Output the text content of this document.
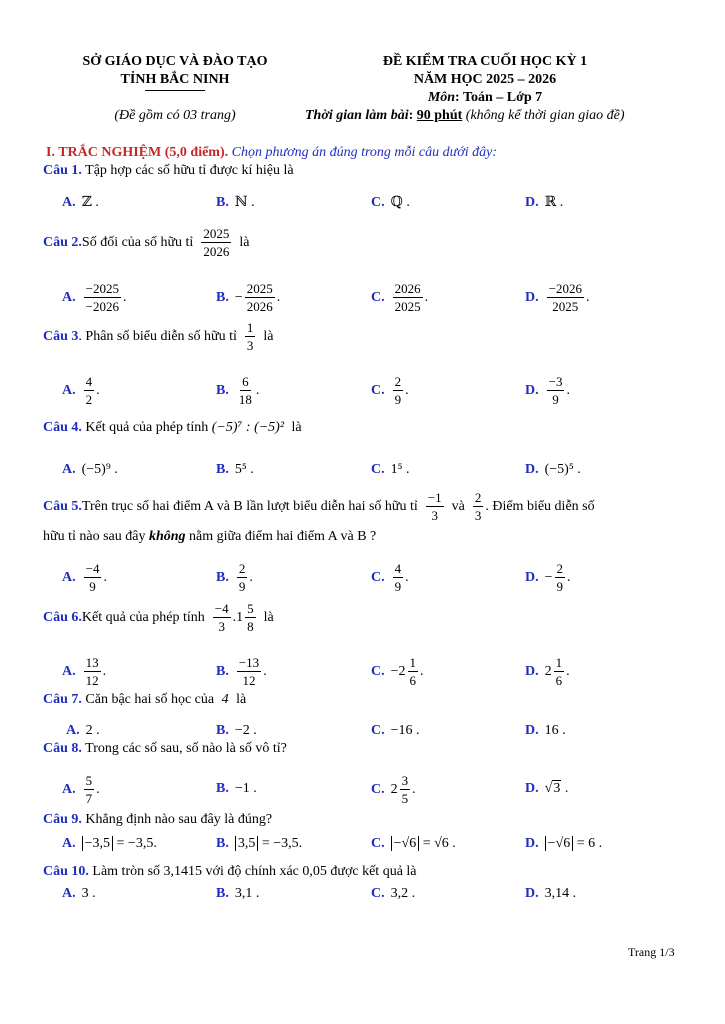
SỞ GIÁO DỤC VÀ ĐÀO TẠO
TỈNH BẮC NINH
(Đề gồm có 03 trang)
ĐỀ KIỂM TRA CUỐI HỌC KỲ 1
NĂM HỌC 2025 – 2026
Môn: Toán – Lớp 7
Thời gian làm bài: 90 phút (không kể thời gian giao đề)
I. TRẮC NGHIỆM (5,0 điểm). Chọn phương án đúng trong mỗi câu dưới đây:
Câu 1. Tập hợp các số hữu tỉ được kí hiệu là
A. ℤ .	B. ℕ .	C. ℚ .	D. ℝ .
Câu 2. Số đối của số hữu tỉ $\frac{2025}{2026}$ là
A. $\frac{-2025}{-2026}$ .	B. − $\frac{2025}{2026}$ .	C. $\frac{2026}{2025}$ .	D. $\frac{-2026}{2025}$ .
Câu 3 . Phân số biểu diễn số hữu tỉ $\frac{1}{3}$ là
A. $\frac{4}{2}$ .	B. $\frac{6}{18}$ .	C. $\frac{2}{9}$ .	D. $\frac{-3}{9}$ .
Câu 4. Kết quả của phép tính (−5)⁷ : (−5)² là
A. (−5)⁹ .	B. 5⁵ .	C. 1⁵ .	D. (−5)⁵ .
Câu 5. Trên trục số hai điểm A và B lần lượt biểu diễn hai số hữu tỉ $\frac{-1}{3}$ và $\frac{2}{3}$ . Điểm biểu diễn số
hữu tỉ nào sau đây không nằm giữa điểm hai điểm A và B ?
A. $\frac{-4}{9}$ .	B. $\frac{2}{9}$ .	C. $\frac{4}{9}$ .	D. − $\frac{2}{9}$ .
Câu 6. Kết quả của phép tính $\frac{-4}{3} .1 \frac{5}{8}$ là
A. $\frac{13}{12}$ .	B. $\frac{-13}{12}$ .	C. $-2 \frac{1}{6}$ .	D. $2 \frac{1}{6}$ .
Câu 7. Căn bậc hai số học của 4 là
A. 2 .	B. −2 .	C. −16 .	D. 16 .
Câu 8. Trong các số sau, số nào là số vô tỉ?
A. $\frac{5}{7}$ .	B. −1 .	C. $2 \frac{3}{5}$ .	D. √3 .
Câu 9. Khẳng định nào sau đây là đúng?
A. −3,5 = −3,5.	B. 3,5 = −3,5.	C. −√6 = √6 .	D. −√6 = 6 .
Câu 10. Làm tròn số 3,1415 với độ chính xác 0,05 được kết quả là
A. 3 .	B. 3,1 .	C. 3,2 .	D. 3,14 .
Trang 1/3
